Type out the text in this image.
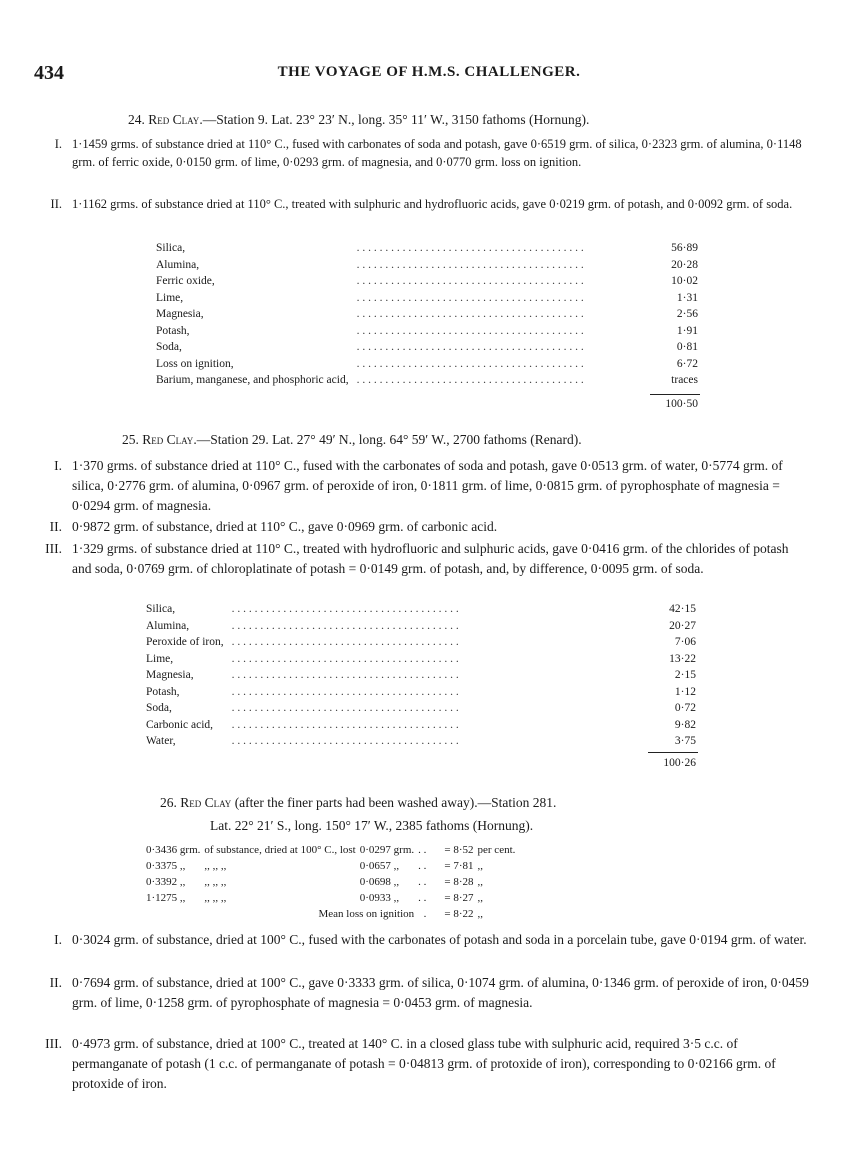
434	THE VOYAGE OF H.M.S. CHALLENGER.
24. Red Clay.—Station 9. Lat. 23° 23′ N., long. 35° 11′ W., 3150 fathoms (Hornung).
I. 1·1459 grms. of substance dried at 110° C., fused with carbonates of soda and potash, gave 0·6519 grm. of silica, 0·2323 grm. of alumina, 0·1148 grm. of ferric oxide, 0·0150 grm. of lime, 0·0293 grm. of magnesia, and 0·0770 grm. loss on ignition.
II. 1·1162 grms. of substance dried at 110° C., treated with sulphuric and hydrofluoric acids, gave 0·0219 grm. of potash, and 0·0092 grm. of soda.
Silica,	. . . . . . . . . . . . . . . . . . . . . . . . . . . . . . . . . . . . . . . .	56·89
Alumina,	. . . . . . . . . . . . . . . . . . . . . . . . . . . . . . . . . . . . . . . .	20·28
Ferric oxide,	. . . . . . . . . . . . . . . . . . . . . . . . . . . . . . . . . . . . . . . .	10·02
Lime,	. . . . . . . . . . . . . . . . . . . . . . . . . . . . . . . . . . . . . . . .	1·31
Magnesia,	. . . . . . . . . . . . . . . . . . . . . . . . . . . . . . . . . . . . . . . .	2·56
Potash,	. . . . . . . . . . . . . . . . . . . . . . . . . . . . . . . . . . . . . . . .	1·91
Soda,	. . . . . . . . . . . . . . . . . . . . . . . . . . . . . . . . . . . . . . . .	0·81
Loss on ignition,	. . . . . . . . . . . . . . . . . . . . . . . . . . . . . . . . . . . . . . . .	6·72
Barium, manganese, and phosphoric acid,	. . . . . . . . . . . . . . . . . . . . . . . . . . . . . . . . . . . . . . . .	traces
100·50
25. Red Clay.—Station 29. Lat. 27° 49′ N., long. 64° 59′ W., 2700 fathoms (Renard).
I. 1·370 grms. of substance dried at 110° C., fused with the carbonates of soda and potash, gave 0·0513 grm. of water, 0·5774 grm. of silica, 0·2776 grm. of alumina, 0·0967 grm. of peroxide of iron, 0·1811 grm. of lime, 0·0815 grm. of pyrophosphate of magnesia = 0·0294 grm. of magnesia.
II. 0·9872 grm. of substance, dried at 110° C., gave 0·0969 grm. of carbonic acid.
III. 1·329 grms. of substance dried at 110° C., treated with hydrofluoric and sulphuric acids, gave 0·0416 grm. of the chlorides of potash and soda, 0·0769 grm. of chloroplatinate of potash = 0·0149 grm. of potash, and, by difference, 0·0095 grm. of soda.
Silica,	. . . . . . . . . . . . . . . . . . . . . . . . . . . . . . . . . . . . . . . .	42·15
Alumina,	. . . . . . . . . . . . . . . . . . . . . . . . . . . . . . . . . . . . . . . .	20·27
Peroxide of iron,	. . . . . . . . . . . . . . . . . . . . . . . . . . . . . . . . . . . . . . . .	7·06
Lime,	. . . . . . . . . . . . . . . . . . . . . . . . . . . . . . . . . . . . . . . .	13·22
Magnesia,	. . . . . . . . . . . . . . . . . . . . . . . . . . . . . . . . . . . . . . . .	2·15
Potash,	. . . . . . . . . . . . . . . . . . . . . . . . . . . . . . . . . . . . . . . .	1·12
Soda,	. . . . . . . . . . . . . . . . . . . . . . . . . . . . . . . . . . . . . . . .	0·72
Carbonic acid,	. . . . . . . . . . . . . . . . . . . . . . . . . . . . . . . . . . . . . . . .	9·82
Water,	. . . . . . . . . . . . . . . . . . . . . . . . . . . . . . . . . . . . . . . .	3·75
100·26
26. Red Clay (after the finer parts had been washed away).—Station 281.
Lat. 22° 21′ S., long. 150° 17′ W., 2385 fathoms (Hornung).
0·3436 grm.	of substance, dried at 100° C., lost	0·0297 grm.	. .	= 8·52	per cent.
0·3375 ,,	,, ,, ,,	0·0657 ,,	. .	= 7·81	,,
0·3392 ,,	,, ,, ,,	0·0698 ,,	. .	= 8·28	,,
1·1275 ,,	,, ,, ,,	0·0933 ,,	. .	= 8·27	,,
Mean loss on ignition			.	= 8·22	,,
I. 0·3024 grm. of substance, dried at 100° C., fused with the carbonates of potash and soda in a porcelain tube, gave 0·0194 grm. of water.
II. 0·7694 grm. of substance, dried at 100° C., gave 0·3333 grm. of silica, 0·1074 grm. of alumina, 0·1346 grm. of peroxide of iron, 0·0459 grm. of lime, 0·1258 grm. of pyrophosphate of magnesia = 0·0453 grm. of magnesia.
III. 0·4973 grm. of substance, dried at 100° C., treated at 140° C. in a closed glass tube with sulphuric acid, required 3·5 c.c. of permanganate of potash (1 c.c. of permanganate of potash = 0·04813 grm. of protoxide of iron), corresponding to 0·02166 grm. of protoxide of iron.
